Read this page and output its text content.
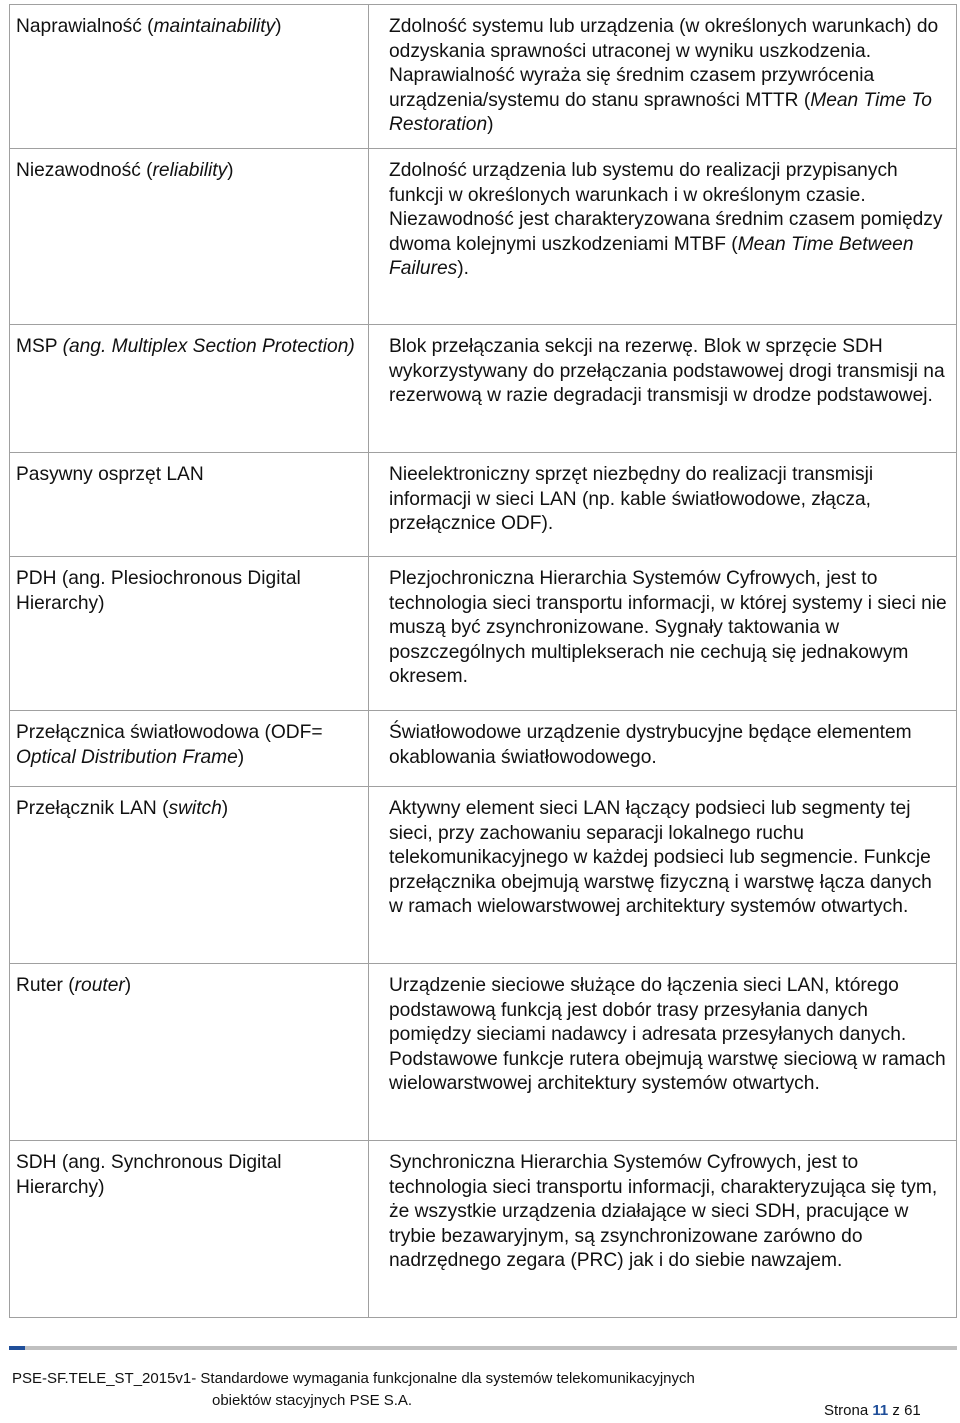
Naprawialność (maintainability)	Zdolność systemu lub urządzenia (w określonych warunkach) do odzyskania sprawności utraconej w wyniku uszkodzenia. Naprawialność wyraża się średnim czasem przywrócenia urządzenia/systemu do stanu sprawności MTTR (Mean Time To Restoration)
Niezawodność (reliability)	Zdolność urządzenia lub systemu do realizacji przypisanych funkcji w określonych warunkach i w określonym czasie. Niezawodność jest charakteryzowana średnim czasem pomiędzy dwoma kolejnymi uszkodzeniami MTBF (Mean Time Between Failures).
MSP (ang. Multiplex Section Protection)	Blok przełączania sekcji na rezerwę. Blok w sprzęcie SDH wykorzystywany do przełączania podstawowej drogi transmisji na rezerwową w razie degradacji transmisji w drodze podstawowej.
Pasywny osprzęt LAN	Nieelektroniczny sprzęt niezbędny do realizacji transmisji informacji w sieci LAN (np. kable światłowodowe, złącza, przełącznice ODF).
PDH (ang. Plesiochronous Digital Hierarchy)	Plezjochroniczna Hierarchia Systemów Cyfrowych, jest to technologia sieci transportu informacji, w której systemy i sieci nie muszą być zsynchronizowane. Sygnały taktowania w poszczególnych multiplekserach nie cechują się jednakowym okresem.
Przełącznica światłowodowa (ODF= Optical Distribution Frame)	Światłowodowe urządzenie dystrybucyjne będące elementem okablowania światłowodowego.
Przełącznik LAN (switch)	Aktywny element sieci LAN łączący podsieci lub segmenty tej sieci, przy zachowaniu separacji lokalnego ruchu telekomunikacyjnego w każdej podsieci lub segmencie. Funkcje przełącznika obejmują warstwę fizyczną i warstwę łącza danych w ramach wielowarstwowej architektury systemów otwartych.
Ruter (router)	Urządzenie sieciowe służące do łączenia sieci LAN, którego podstawową funkcją jest dobór trasy przesyłania danych pomiędzy sieciami nadawcy i adresata przesyłanych danych. Podstawowe funkcje rutera obejmują warstwę sieciową w ramach wielowarstwowej architektury systemów otwartych.
SDH (ang. Synchronous Digital Hierarchy)	Synchroniczna Hierarchia Systemów Cyfrowych, jest to technologia sieci transportu informacji, charakteryzująca się tym, że wszystkie urządzenia działające w sieci SDH, pracujące w trybie bezawaryjnym, są zsynchronizowane zarówno do nadrzędnego zegara (PRC) jak i do siebie nawzajem.
PSE-SF.TELE_ST_2015v1- Standardowe wymagania funkcjonalne dla systemów telekomunikacyjnych
obiektów stacyjnych PSE S.A.
Strona 11 z 61
